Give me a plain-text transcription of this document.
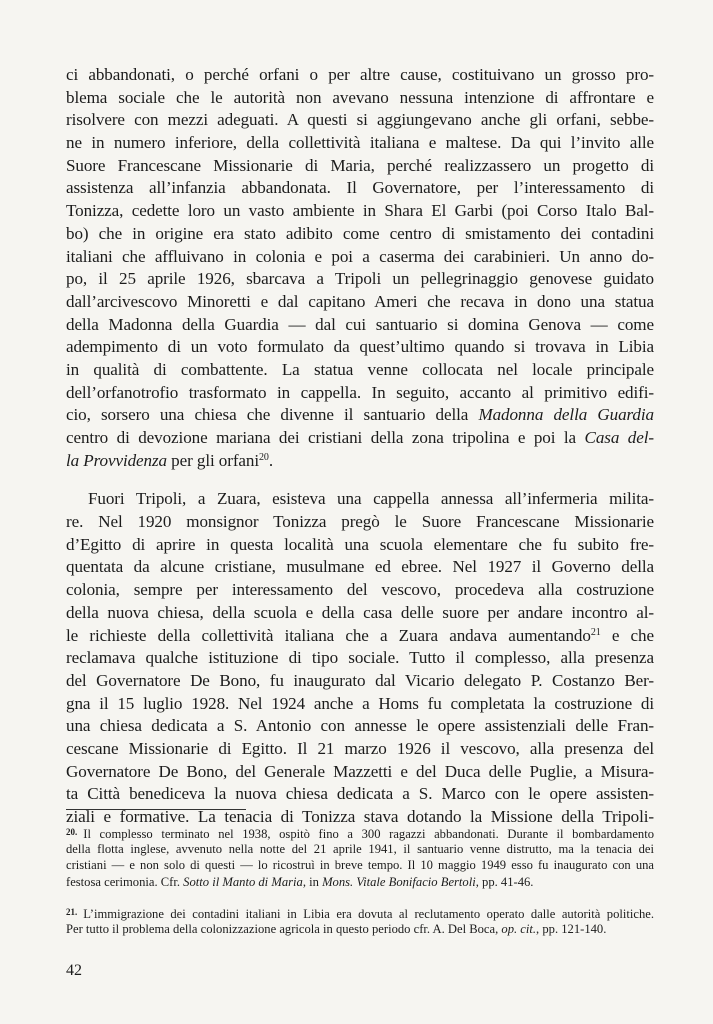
ci abbandonati, o perché orfani o per altre cause, costituivano un grosso pro-
blema sociale che le autorità non avevano nessuna intenzione di affrontare e
risolvere con mezzi adeguati. A questi si aggiungevano anche gli orfani, sebbe-
ne in numero inferiore, della collettività italiana e maltese. Da qui l’invito alle
Suore Francescane Missionarie di Maria, perché realizzassero un progetto di
assistenza all’infanzia abbandonata. Il Governatore, per l’interessamento di
Tonizza, cedette loro un vasto ambiente in Shara El Garbi (poi Corso Italo Bal-
bo) che in origine era stato adibito come centro di smistamento dei contadini
italiani che affluivano in colonia e poi a caserma dei carabinieri. Un anno do-
po, il 25 aprile 1926, sbarcava a Tripoli un pellegrinaggio genovese guidato
dall’arcivescovo Minoretti e dal capitano Ameri che recava in dono una statua
della Madonna della Guardia — dal cui santuario si domina Genova — come
adempimento di un voto formulato da quest’ultimo quando si trovava in Libia
in qualità di combattente. La statua venne collocata nel locale principale
dell’orfanotrofio trasformato in cappella. In seguito, accanto al primitivo edifi-
cio, sorsero una chiesa che divenne il santuario della Madonna della Guardia
centro di devozione mariana dei cristiani della zona tripolina e poi la Casa del-
la Provvidenza per gli orfani$^{20}$.
Fuori Tripoli, a Zuara, esisteva una cappella annessa all’infermeria milita-
re. Nel 1920 monsignor Tonizza pregò le Suore Francescane Missionarie
d’Egitto di aprire in questa località una scuola elementare che fu subito fre-
quentata da alcune cristiane, musulmane ed ebree. Nel 1927 il Governo della
colonia, sempre per interessamento del vescovo, procedeva alla costruzione
della nuova chiesa, della scuola e della casa delle suore per andare incontro al-
le richieste della collettività italiana che a Zuara andava aumentando$^{21}$ e che
reclamava qualche istituzione di tipo sociale. Tutto il complesso, alla presenza
del Governatore De Bono, fu inaugurato dal Vicario delegato P. Costanzo Ber-
gna il 15 luglio 1928. Nel 1924 anche a Homs fu completata la costruzione di
una chiesa dedicata a S. Antonio con annesse le opere assistenziali delle Fran-
cescane Missionarie di Egitto. Il 21 marzo 1926 il vescovo, alla presenza del
Governatore De Bono, del Generale Mazzetti e del Duca delle Puglie, a Misura-
ta Città benediceva la nuova chiesa dedicata a S. Marco con le opere assisten-
ziali e formative. La tenacia di Tonizza stava dotando la Missione della Tripoli-
$^{20.}$ Il complesso terminato nel 1938, ospitò fino a 300 ragazzi abbandonati. Durante il bombardamento
della flotta inglese, avvenuto nella notte del 21 aprile 1941, il santuario venne distrutto, ma la tenacia dei
cristiani — e non solo di questi — lo ricostruì in breve tempo. Il 10 maggio 1949 esso fu inaugurato con una
festosa cerimonia. Cfr. Sotto il Manto di Maria, in Mons. Vitale Bonifacio Bertoli, pp. 41-46.
$^{21.}$ L’immigrazione dei contadini italiani in Libia era dovuta al reclutamento operato dalle autorità politiche.
Per tutto il problema della colonizzazione agricola in questo periodo cfr. A. Del Boca, op. cit., pp. 121-140.
42
